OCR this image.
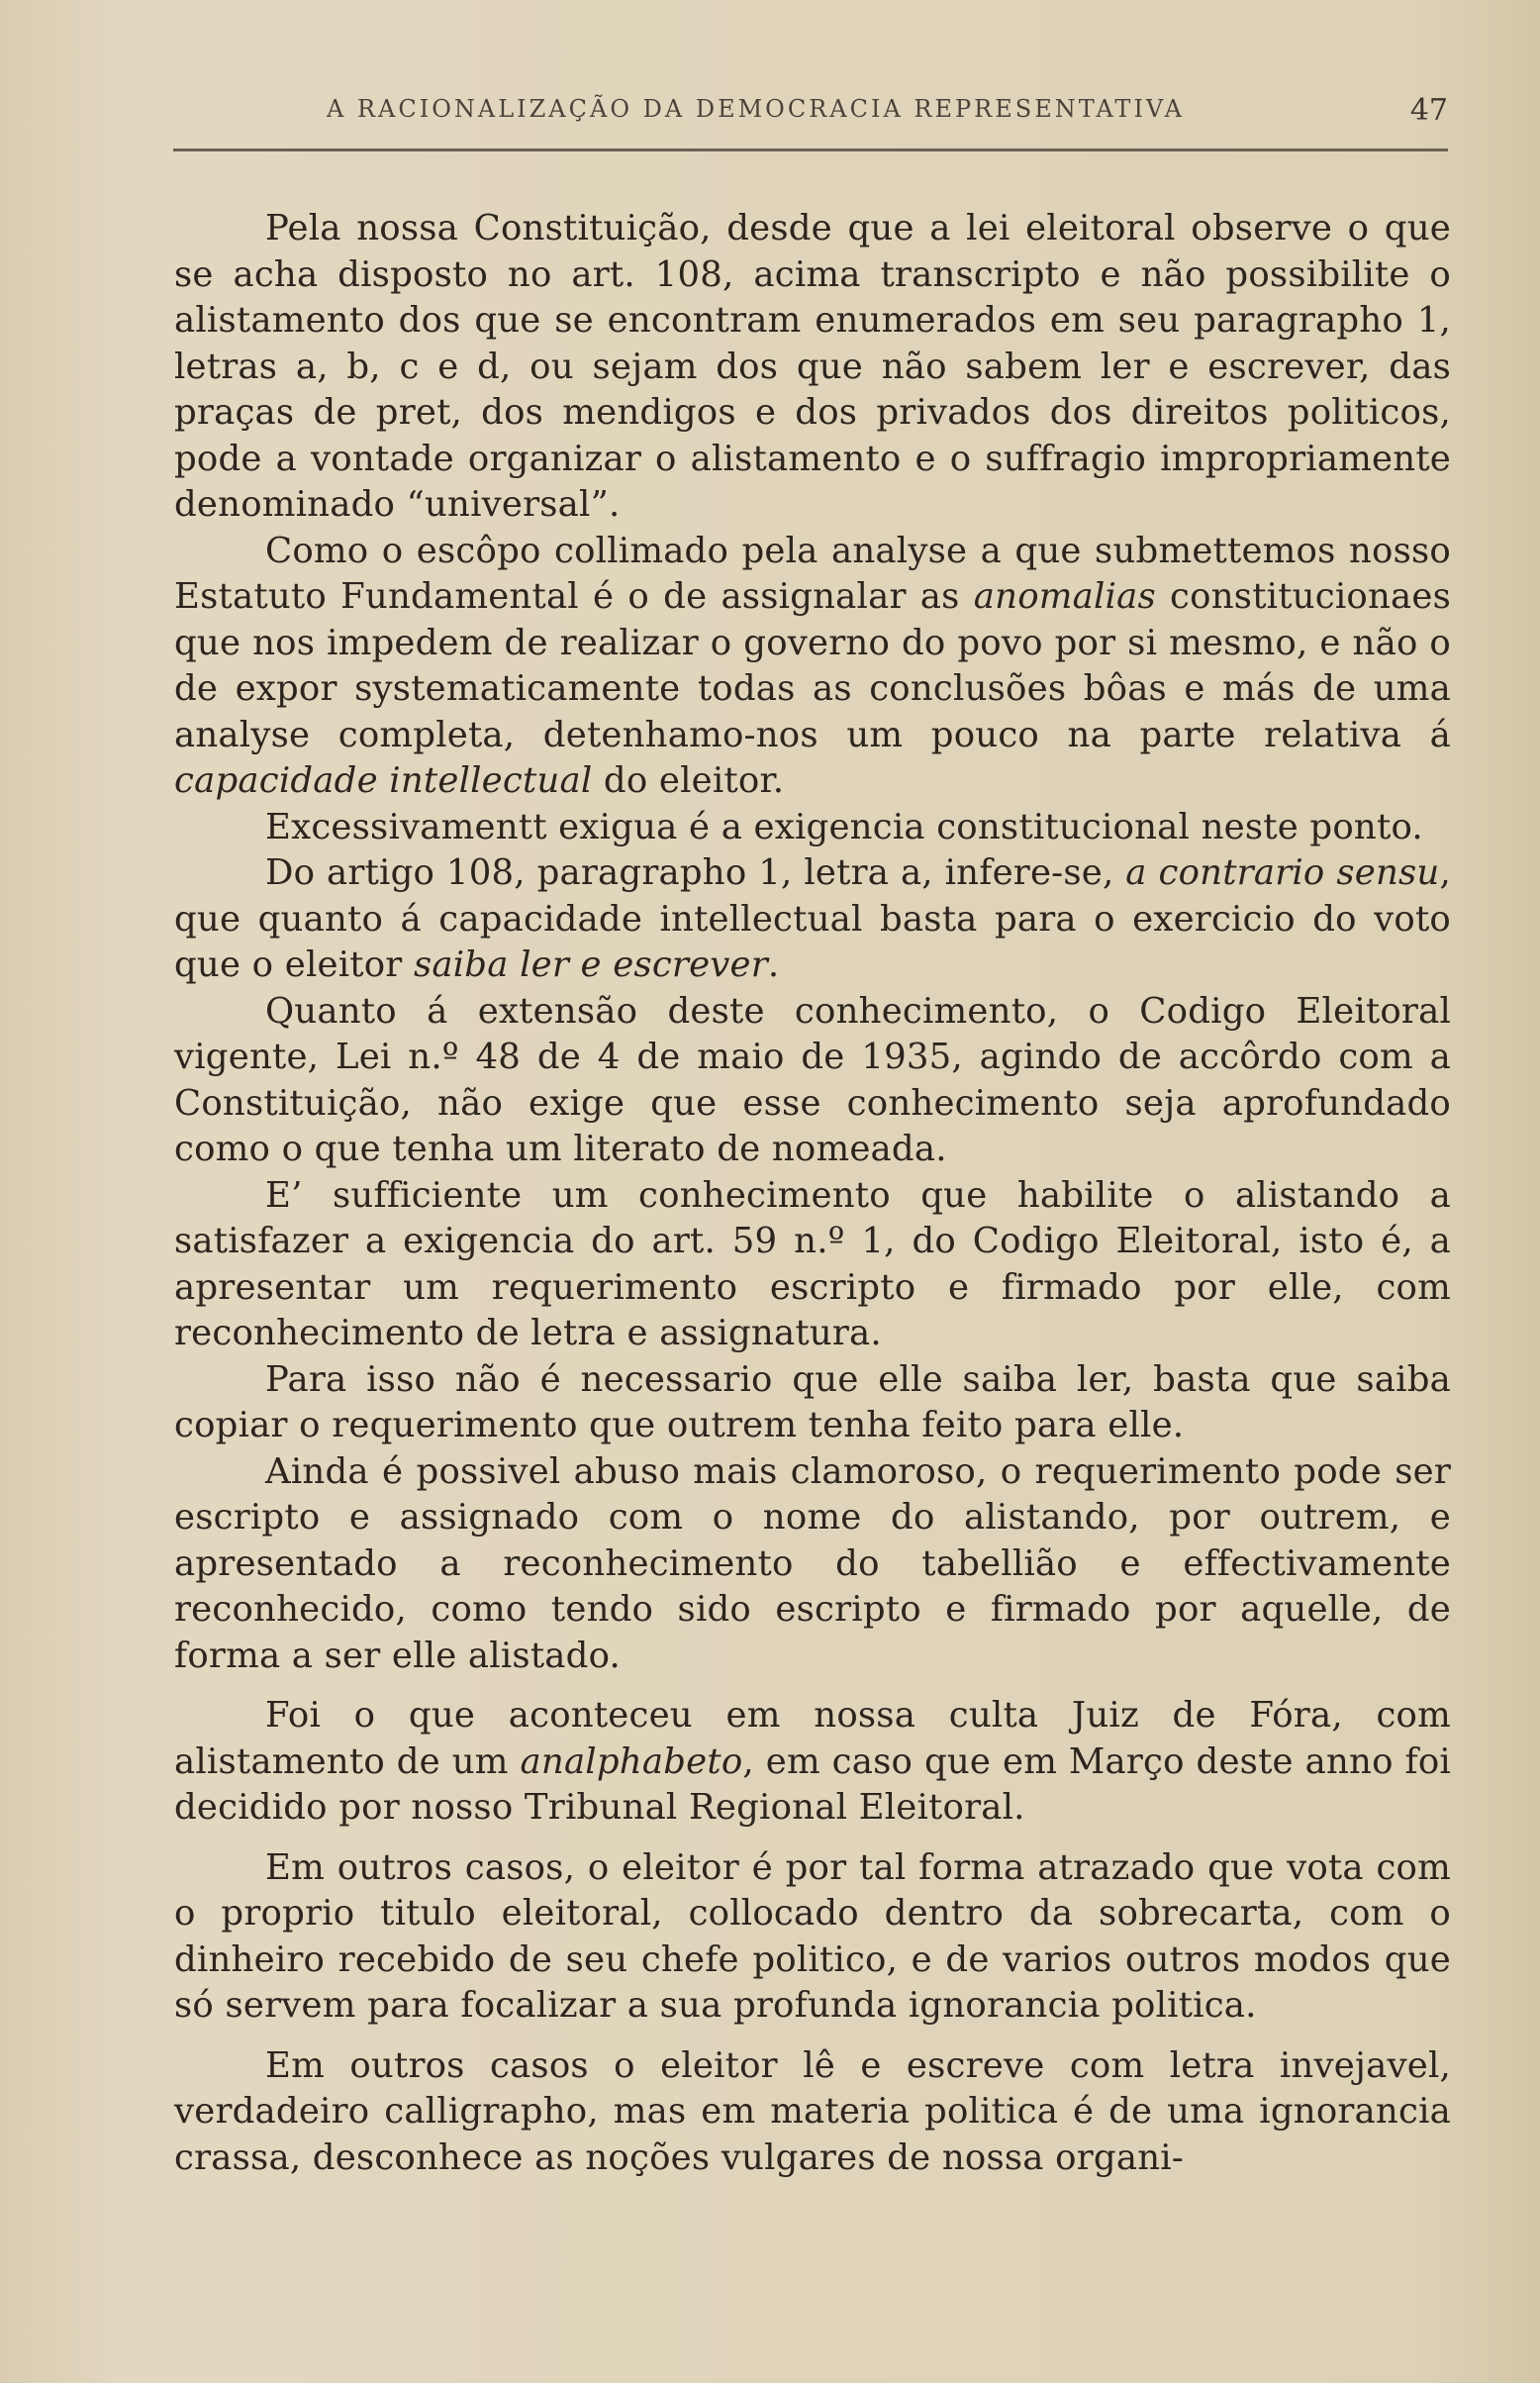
A RACIONALIZAÇÃO DA DEMOCRACIA REPRESENTATIVA	47

Pela nossa Constituição, desde que a lei eleitoral observe o que se acha disposto no art. 108, acima transcripto e não possibilite o alistamento dos que se encontram enumerados em seu paragrapho 1, letras a, b, c e d, ou sejam dos que não sabem ler e escrever, das praças de pret, dos mendigos e dos privados dos direitos politicos, pode a vontade organizar o alistamento e o suffragio impropriamente denominado “universal”.

Como o escôpo collimado pela analyse a que submettemos nosso Estatuto Fundamental é o de assignalar as anomalias constitucionaes que nos impedem de realizar o governo do povo por si mesmo, e não o de expor systematicamente todas as conclusões bôas e más de uma analyse completa, detenhamo-nos um pouco na parte relativa á capacidade intellectual do eleitor.

Excessivamentt exigua é a exigencia constitucional neste ponto.

Do artigo 108, paragrapho 1, letra a, infere-se, a contrario sensu, que quanto á capacidade intellectual basta para o exercicio do voto que o eleitor saiba ler e escrever.

Quanto á extensão deste conhecimento, o Codigo Eleitoral vigente, Lei n.º 48 de 4 de maio de 1935, agindo de accôrdo com a Constituição, não exige que esse conhecimento seja aprofundado como o que tenha um literato de nomeada.

E’ sufficiente um conhecimento que habilite o alistando a satisfazer a exigencia do art. 59 n.º 1, do Codigo Eleitoral, isto é, a apresentar um requerimento escripto e firmado por elle, com reconhecimento de letra e assignatura.

Para isso não é necessario que elle saiba ler, basta que saiba copiar o requerimento que outrem tenha feito para elle.

Ainda é possivel abuso mais clamoroso, o requerimento pode ser escripto e assignado com o nome do alistando, por outrem, e apresentado a reconhecimento do tabellião e effectivamente reconhecido, como tendo sido escripto e firmado por aquelle, de forma a ser elle alistado.

Foi o que aconteceu em nossa culta Juiz de Fóra, com alistamento de um analphabeto, em caso que em Março deste anno foi decidido por nosso Tribunal Regional Eleitoral.

Em outros casos, o eleitor é por tal forma atrazado que vota com o proprio titulo eleitoral, collocado dentro da sobrecarta, com o dinheiro recebido de seu chefe politico, e de varios outros modos que só servem para focalizar a sua profunda ignorancia politica.

Em outros casos o eleitor lê e escreve com letra invejavel, verdadeiro calligrapho, mas em materia politica é de uma ignorancia crassa, desconhece as noções vulgares de nossa organi-
